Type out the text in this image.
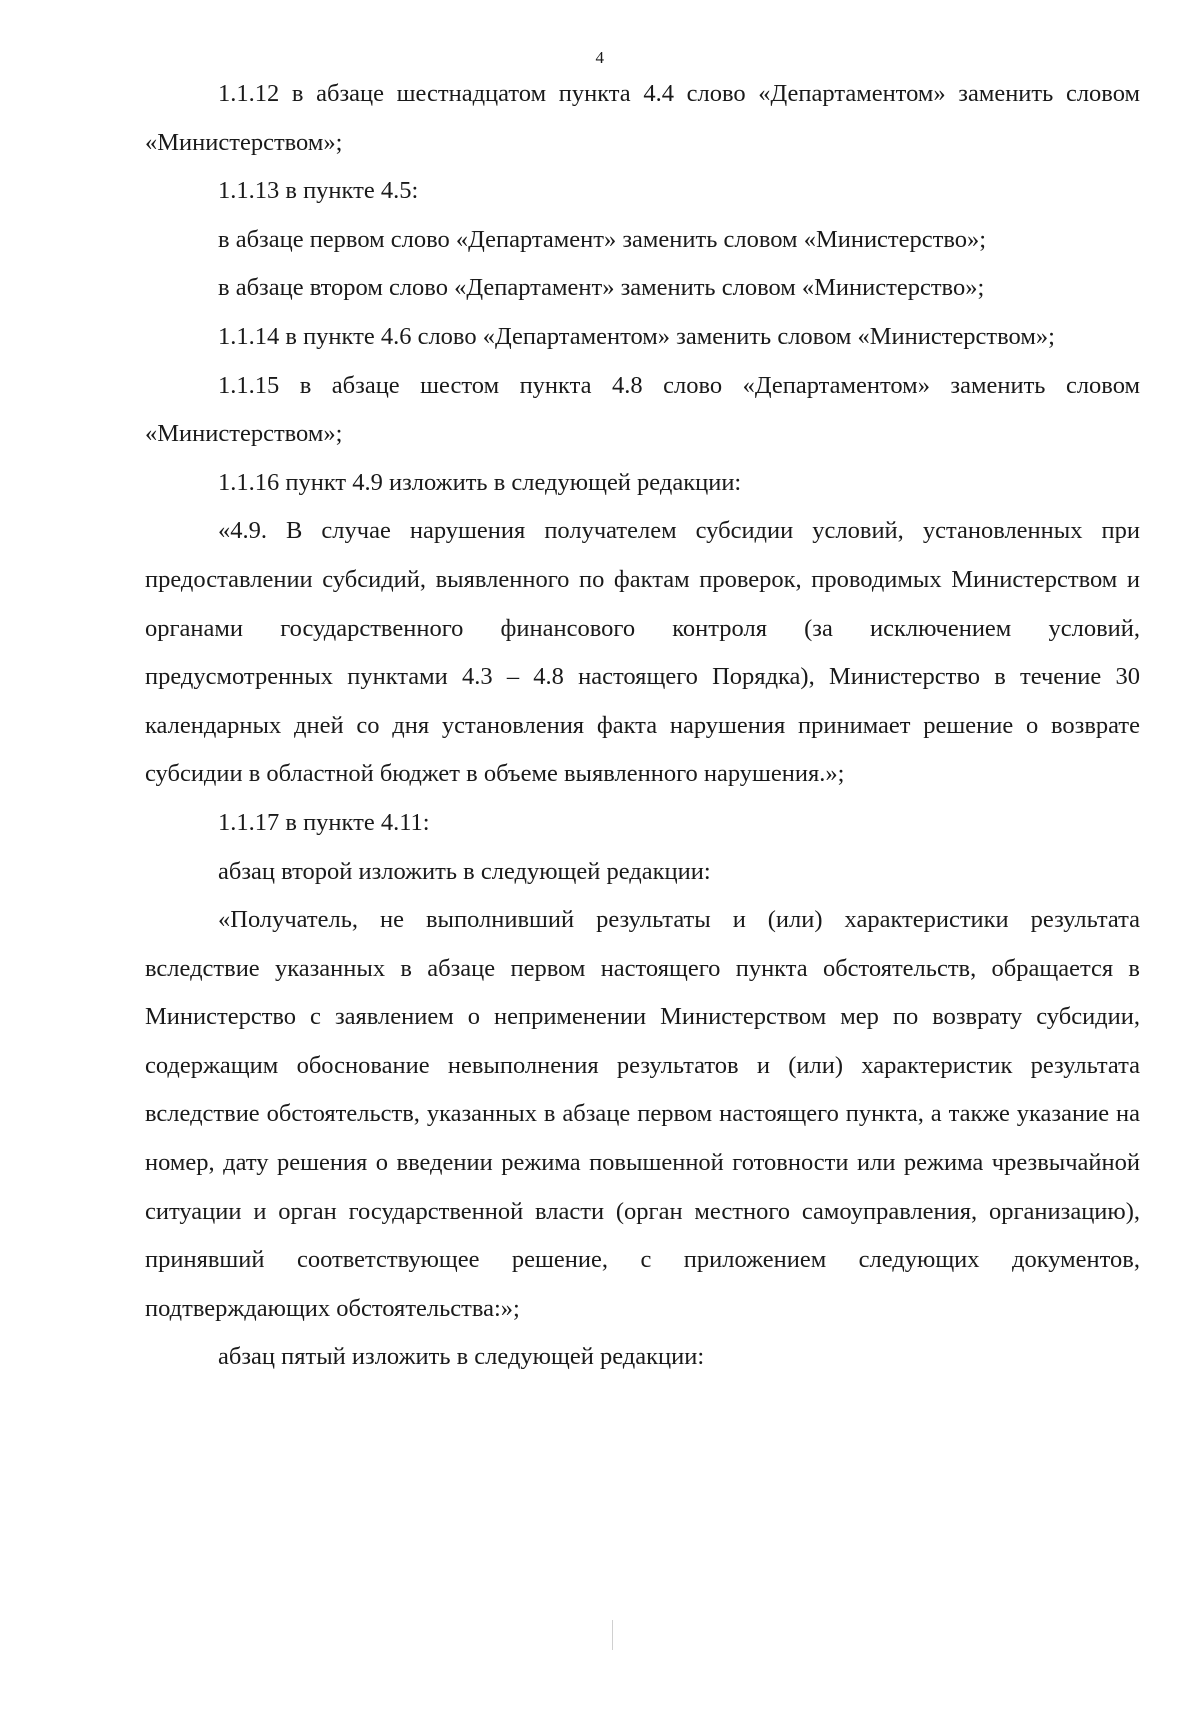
4

1.1.12 в абзаце шестнадцатом пункта 4.4 слово «Департаментом» заменить словом «Министерством»;

1.1.13 в пункте 4.5:

в абзаце первом слово «Департамент» заменить словом «Министерство»;

в абзаце втором слово «Департамент» заменить словом «Министерство»;

1.1.14 в пункте 4.6 слово «Департаментом» заменить словом «Министерством»;

1.1.15 в абзаце шестом пункта 4.8 слово «Департаментом» заменить словом «Министерством»;

1.1.16 пункт 4.9 изложить в следующей редакции:

«4.9. В случае нарушения получателем субсидии условий, установленных при предоставлении субсидий, выявленного по фактам проверок, проводимых Министерством и органами государственного финансового контроля (за исключением условий, предусмотренных пунктами 4.3 – 4.8 настоящего Порядка), Министерство в течение 30 календарных дней со дня установления факта нарушения принимает решение о возврате субсидии в областной бюджет в объеме выявленного нарушения.»;

1.1.17 в пункте 4.11:

абзац второй изложить в следующей редакции:

«Получатель, не выполнивший результаты и (или) характеристики результата вследствие указанных в абзаце первом настоящего пункта обстоятельств, обращается в Министерство с заявлением о неприменении Министерством мер по возврату субсидии, содержащим обоснование невыполнения результатов и (или) характеристик результата вследствие обстоятельств, указанных в абзаце первом настоящего пункта, а также указание на номер, дату решения о введении режима повышенной готовности или режима чрезвычайной ситуации и орган государственной власти (орган местного самоуправления, организацию), принявший соответствующее решение, с приложением следующих документов, подтверждающих обстоятельства:»;

абзац пятый изложить в следующей редакции:
